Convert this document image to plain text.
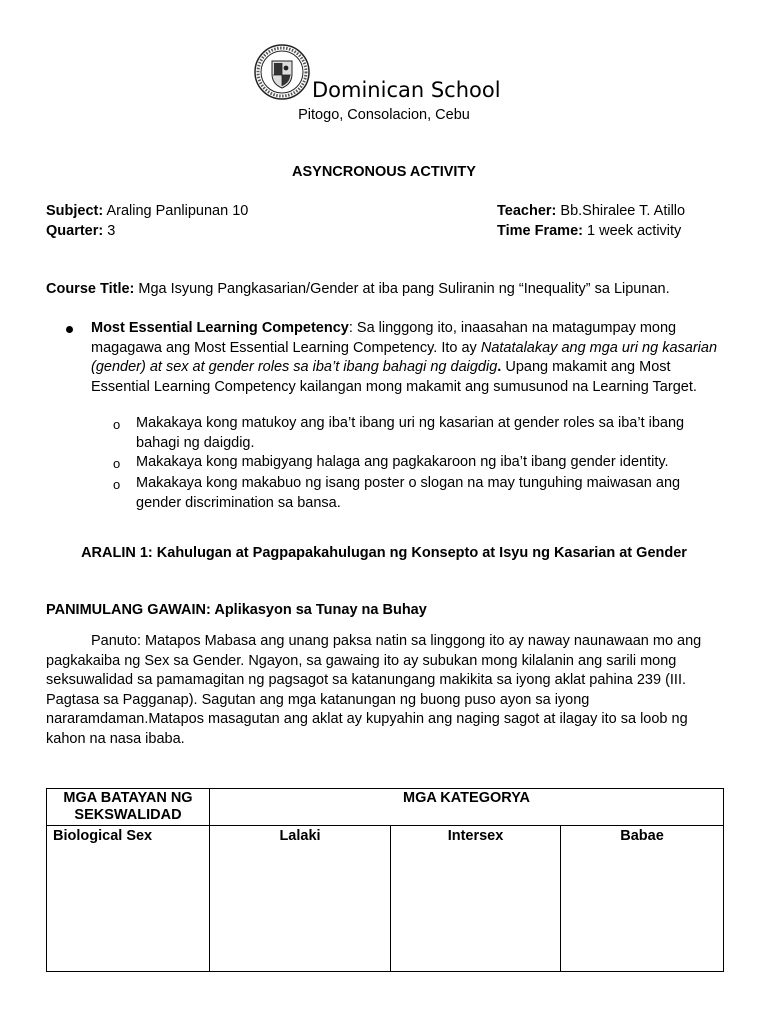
Dominican School
Pitogo, Consolacion, Cebu
ASYNCRONOUS ACTIVITY
Subject: Araling Panlipunan 10
Quarter: 3
Teacher: Bb.Shiralee T. Atillo
Time Frame: 1 week activity
Course Title: Mga Isyung Pangkasarian/Gender at iba pang Suliranin ng “Inequality” sa Lipunan.
Most Essential Learning Competency: Sa linggong ito, inaasahan na matagumpay mong magagawa ang Most Essential Learning Competency. Ito ay Natatalakay ang mga uri ng kasarian (gender) at sex at gender roles sa iba’t ibang bahagi ng daigdig. Upang makamit ang Most Essential Learning Competency kailangan mong makamit ang sumusunod na Learning Target.
o Makakaya kong matukoy ang iba’t ibang uri ng kasarian at gender roles sa iba’t ibang bahagi ng daigdig.
o Makakaya kong mabigyang halaga ang pagkakaroon ng iba’t ibang gender identity.
o Makakaya kong makabuo ng isang poster o slogan na may tunguhing maiwasan ang gender discrimination sa bansa.
ARALIN 1: Kahulugan at Pagpapakahulugan ng Konsepto at Isyu ng Kasarian at Gender
PANIMULANG GAWAIN: Aplikasyon sa Tunay na Buhay
Panuto: Matapos Mabasa ang unang paksa natin sa linggong ito ay naway naunawaan mo ang pagkakaiba ng Sex sa Gender. Ngayon, sa gawaing ito ay subukan mong kilalanin ang sarili mong seksuwalidad sa pamamagitan ng pagsagot sa katanungang makikita sa iyong aklat pahina 239 (III. Pagtasa sa Pagganap). Sagutan ang mga katanungan ng buong puso ayon sa iyong nararamdaman.Matapos masagutan ang aklat ay kupyahin ang naging sagot at ilagay ito sa loob ng kahon na nasa ibaba.
MGA BATAYAN NG SEKSWALIDAD	MGA KATEGORYA		
Biological Sex	Lalaki	Intersex	Babae
